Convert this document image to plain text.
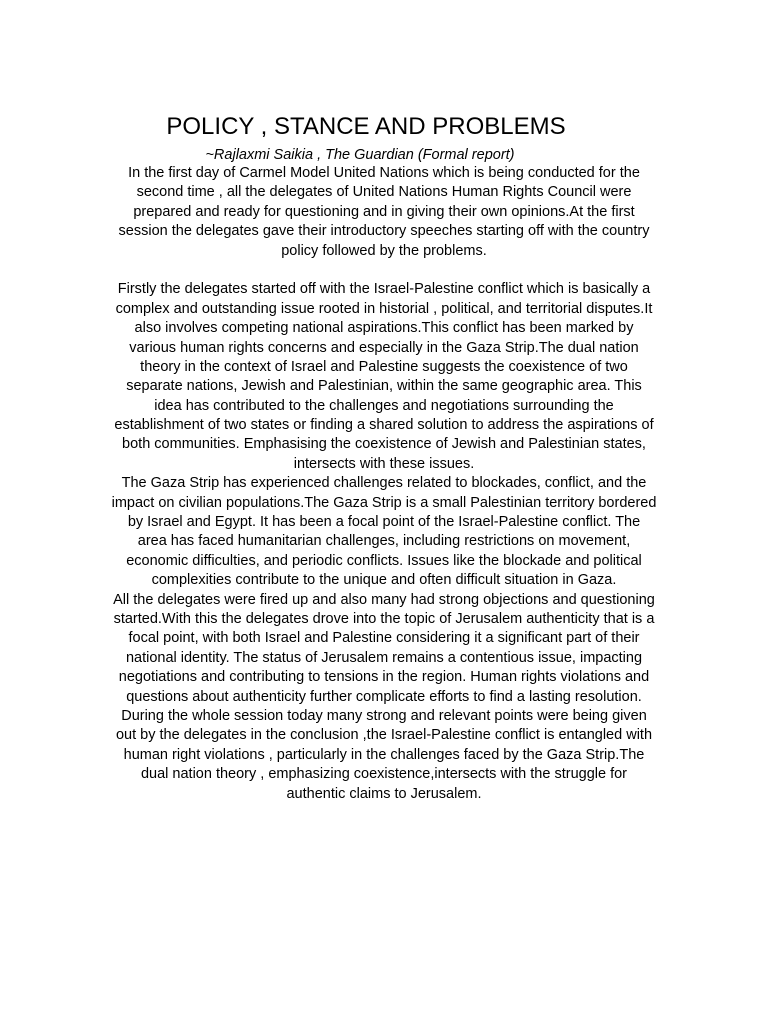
POLICY , STANCE AND PROBLEMS

~Rajlaxmi Saikia , The Guardian (Formal report)

In the first day of Carmel Model United Nations which is being conducted for the
second time , all the delegates of United Nations Human Rights Council were
prepared and ready for questioning and in giving their own opinions.At the first
session the delegates gave their introductory speeches starting off with the country
policy followed by the problems.
Firstly the delegates started off with the Israel-Palestine conflict which is basically a
complex and outstanding issue rooted in historial , political, and territorial disputes.It
also involves competing national aspirations.This conflict has been marked by
various human rights concerns and especially in the Gaza Strip.The dual nation
theory in the context of Israel and Palestine suggests the coexistence of two
separate nations, Jewish and Palestinian, within the same geographic area. This
idea has contributed to the challenges and negotiations surrounding the
establishment of two states or finding a shared solution to address the aspirations of
both communities. Emphasising the coexistence of Jewish and Palestinian states,
intersects with these issues.
The Gaza Strip has experienced challenges related to blockades, conflict, and the
impact on civilian populations.The Gaza Strip is a small Palestinian territory bordered
by Israel and Egypt. It has been a focal point of the Israel-Palestine conflict. The
area has faced humanitarian challenges, including restrictions on movement,
economic difficulties, and periodic conflicts. Issues like the blockade and political
complexities contribute to the unique and often difficult situation in Gaza.
All the delegates were fired up and also many had strong objections and questioning
started.With this the delegates drove into the topic of Jerusalem authenticity that is a
focal point, with both Israel and Palestine considering it a significant part of their
national identity. The status of Jerusalem remains a contentious issue, impacting
negotiations and contributing to tensions in the region. Human rights violations and
questions about authenticity further complicate efforts to find a lasting resolution.
During the whole session today many strong and relevant points were being given
out by the delegates in the conclusion ,the Israel-Palestine conflict is entangled with
human right violations , particularly in the challenges faced by the Gaza Strip.The
dual nation theory , emphasizing coexistence,intersects with the struggle for
authentic claims to Jerusalem.
